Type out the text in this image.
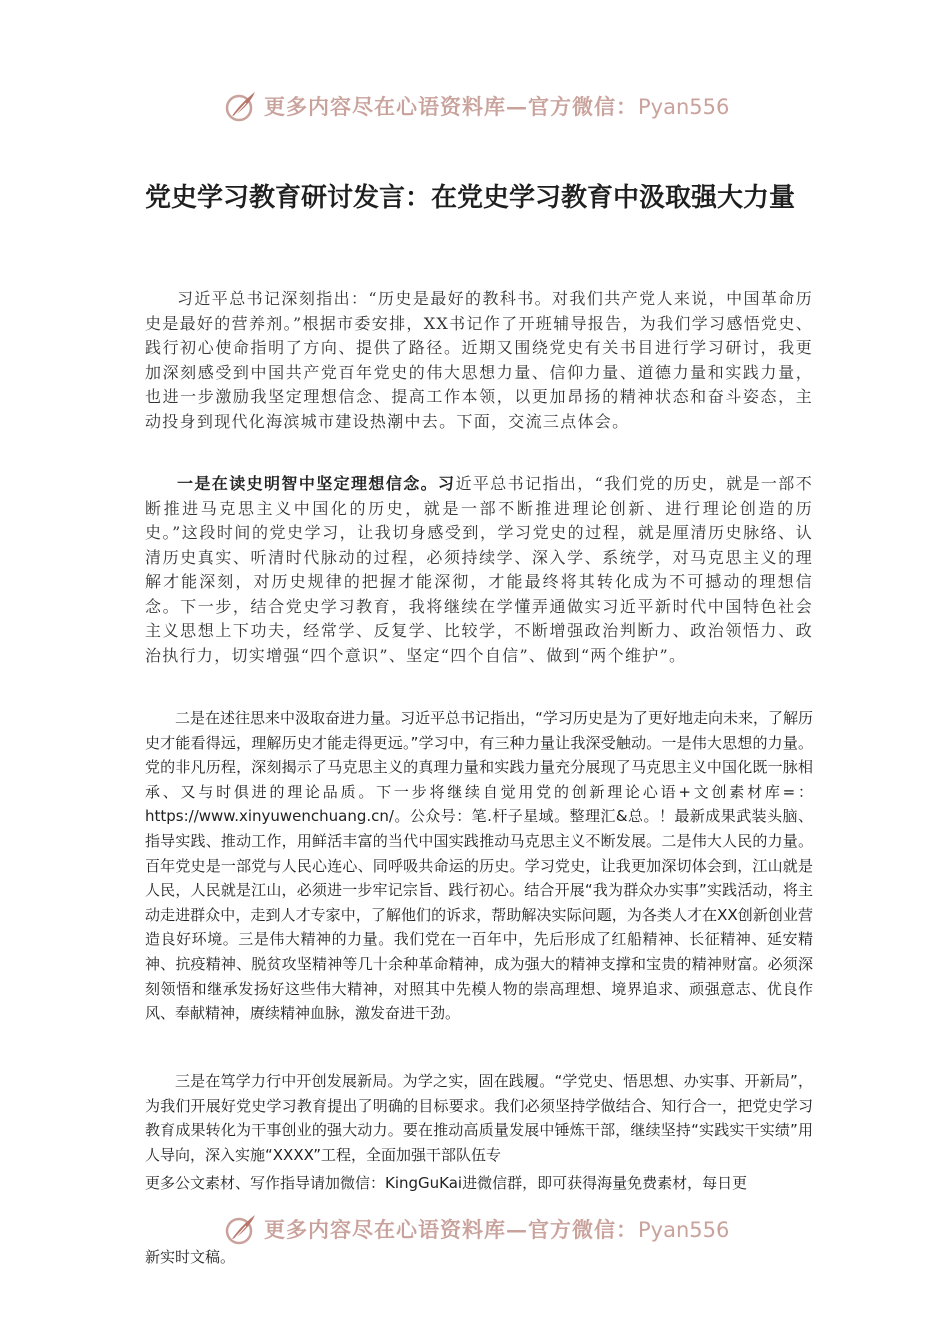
更多内容尽在心语资料库—官方微信：Pyan556
党史学习教育研讨发言：在党史学习教育中汲取强大力量

习近平总书记深刻指出：“历史是最好的教科书。对我们共产党人来说，中国革命历史是最好的营养剂。”根据市委安排，XX书记作了开班辅导报告，为我们学习感悟党史、践行初心使命指明了方向、提供了路径。近期又围绕党史有关书目进行学习研讨，我更加深刻感受到中国共产党百年党史的伟大思想力量、信仰力量、道德力量和实践力量，也进一步激励我坚定理想信念、提高工作本领，以更加昂扬的精神状态和奋斗姿态，主动投身到现代化海滨城市建设热潮中去。下面，交流三点体会。

一是在读史明智中坚定理想信念。习近平总书记指出，“我们党的历史，就是一部不断推进马克思主义中国化的历史，就是一部不断推进理论创新、进行理论创造的历史。”这段时间的党史学习，让我切身感受到，学习党史的过程，就是厘清历史脉络、认清历史真实、听清时代脉动的过程，必须持续学、深入学、系统学，对马克思主义的理解才能深刻，对历史规律的把握才能深彻，才能最终将其转化成为不可撼动的理想信念。下一步，结合党史学习教育，我将继续在学懂弄通做实习近平新时代中国特色社会主义思想上下功夫，经常学、反复学、比较学，不断增强政治判断力、政治领悟力、政治执行力，切实增强“四个意识”、坚定“四个自信”、做到“两个维护”。

二是在述往思来中汲取奋进力量。习近平总书记指出，“学习历史是为了更好地走向未来，了解历史才能看得远，理解历史才能走得更远。”学习中，有三种力量让我深受触动。一是伟大思想的力量。党的非凡历程，深刻揭示了马克思主义的真理力量和实践力量充分展现了马克思主义中国化既一脉相承、又与时俱进的理论品质。下一步将继续自觉用党的创新理论心语+文创素材库=：https://www.xinyuwenchuang.cn/。公众号：笔.杆子星域。整理汇&总。！最新成果武装头脑、指导实践、推动工作，用鲜活丰富的当代中国实践推动马克思主义不断发展。二是伟大人民的力量。百年党史是一部党与人民心连心、同呼吸共命运的历史。学习党史，让我更加深切体会到，江山就是人民，人民就是江山，必须进一步牢记宗旨、践行初心。结合开展“我为群众办实事”实践活动，将主动走进群众中，走到人才专家中，了解他们的诉求，帮助解决实际问题，为各类人才在XX创新创业营造良好环境。三是伟大精神的力量。我们党在一百年中，先后形成了红船精神、长征精神、延安精神、抗疫精神、脱贫攻坚精神等几十余种革命精神，成为强大的精神支撑和宝贵的精神财富。必须深刻领悟和继承发扬好这些伟大精神，对照其中先模人物的崇高理想、境界追求、顽强意志、优良作风、奉献精神，赓续精神血脉，激发奋进干劲。

三是在笃学力行中开创发展新局。为学之实，固在践履。“学党史、悟思想、办实事、开新局”，为我们开展好党史学习教育提出了明确的目标要求。我们必须坚持学做结合、知行合一，把党史学习教育成果转化为干事创业的强大动力。要在推动高质量发展中锤炼干部，继续坚持“实践实干实绩”用人导向，深入实施“XXXX”工程，全面加强干部队伍专

更多公文素材、写作指导请加微信：KingGuKai进微信群，即可获得海量免费素材，每日更

更多内容尽在心语资料库—官方微信：Pyan556

新实时文稿。
